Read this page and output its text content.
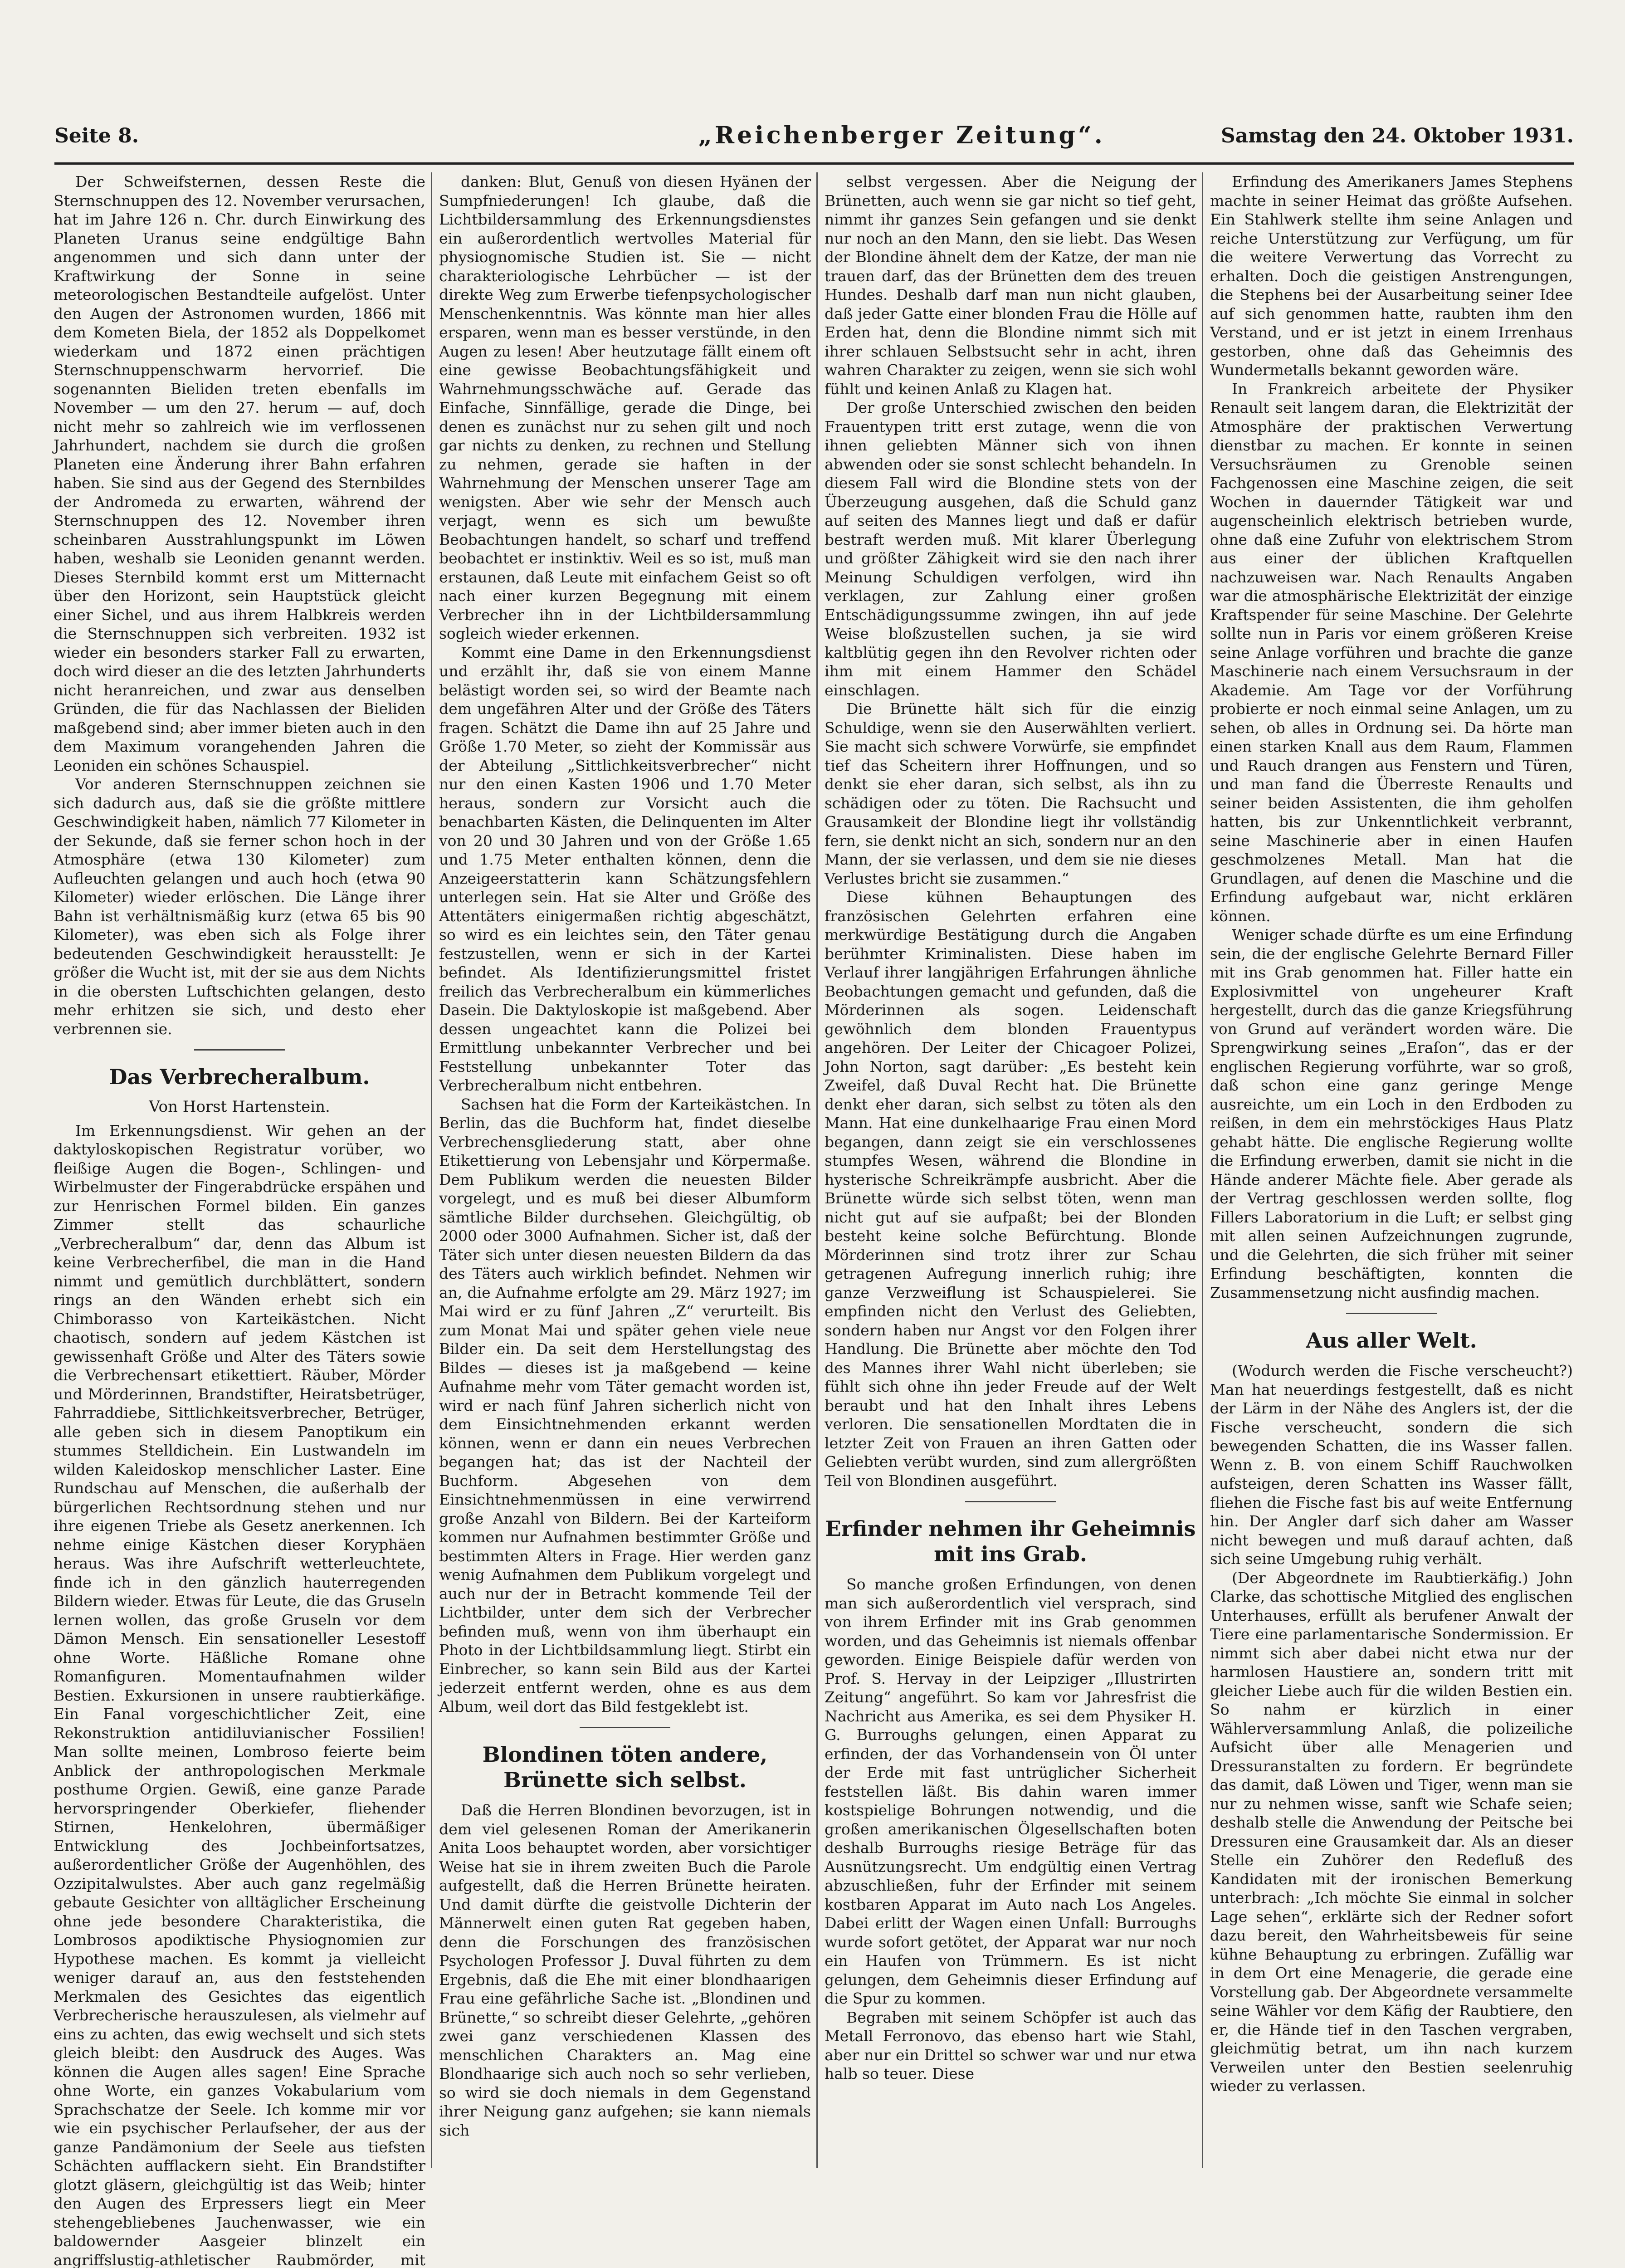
Seite 8.	„Reichenberger Zeitung“.	Samstag den 24. Oktober 1931.

Der Schweifsternen, dessen Reste die Sternschnuppen des 12. November verursachen, hat im Jahre 126 n. Chr. durch Einwirkung des Planeten Uranus seine endgültige Bahn angenommen und sich dann unter der Kraftwirkung der Sonne in seine meteorologischen Bestandteile aufgelöst. Unter den Augen der Astronomen wurden, 1866 mit dem Kometen Biela, der 1852 als Doppelkomet wiederkam und 1872 einen prächtigen Sternschnuppenschwarm hervorrief. Die sogenannten Bieliden treten ebenfalls im November — um den 27. herum — auf, doch nicht mehr so zahlreich wie im verflossenen Jahrhundert, nachdem sie durch die großen Planeten eine Änderung ihrer Bahn erfahren haben. Sie sind aus der Gegend des Sternbildes der Andromeda zu erwarten, während der Sternschnuppen des 12. November ihren scheinbaren Ausstrahlungspunkt im Löwen haben, weshalb sie Leoniden genannt werden. Dieses Sternbild kommt erst um Mitternacht über den Horizont, sein Hauptstück gleicht einer Sichel, und aus ihrem Halbkreis werden die Sternschnuppen sich verbreiten. 1932 ist wieder ein besonders starker Fall zu erwarten, doch wird dieser an die des letzten Jahrhunderts nicht heranreichen, und zwar aus denselben Gründen, die für das Nachlassen der Bieliden maßgebend sind; aber immer bieten auch in den dem Maximum vorangehenden Jahren die Leoniden ein schönes Schauspiel.

Vor anderen Sternschnuppen zeichnen sie sich dadurch aus, daß sie die größte mittlere Geschwindigkeit haben, nämlich 77 Kilometer in der Sekunde, daß sie ferner schon hoch in der Atmosphäre (etwa 130 Kilometer) zum Aufleuchten gelangen und auch hoch (etwa 90 Kilometer) wieder erlöschen. Die Länge ihrer Bahn ist verhältnismäßig kurz (etwa 65 bis 90 Kilometer), was eben sich als Folge ihrer bedeutenden Geschwindigkeit herausstellt: Je größer die Wucht ist, mit der sie aus dem Nichts in die obersten Luftschichten gelangen, desto mehr erhitzen sie sich, und desto eher verbrennen sie.

Das Verbrecheralbum.
Von Horst Hartenstein.

Im Erkennungsdienst. Wir gehen an der daktyloskopischen Registratur vorüber, wo fleißige Augen die Bogen-, Schlingen- und Wirbelmuster der Fingerabdrücke erspähen und zur Henrischen Formel bilden. Ein ganzes Zimmer stellt das schaurliche „Verbrecheralbum“ dar, denn das Album ist keine Verbrecherfibel, die man in die Hand nimmt und gemütlich durchblättert, sondern rings an den Wänden erhebt sich ein Chimborasso von Karteikästchen. Nicht chaotisch, sondern auf jedem Kästchen ist gewissenhaft Größe und Alter des Täters sowie die Verbrechensart etikettiert. Räuber, Mörder und Mörderinnen, Brandstifter, Heiratsbetrüger, Fahrraddiebe, Sittlichkeitsverbrecher, Betrüger, alle geben sich in diesem Panoptikum ein stummes Stelldichein. Ein Lustwandeln im wilden Kaleidoskop menschlicher Laster. Eine Rundschau auf Menschen, die außerhalb der bürgerlichen Rechtsordnung stehen und nur ihre eigenen Triebe als Gesetz anerkennen. Ich nehme einige Kästchen dieser Koryphäen heraus. Was ihre Aufschrift wetterleuchtete, finde ich in den gänzlich hauterregenden Bildern wieder. Etwas für Leute, die das Gruseln lernen wollen, das große Gruseln vor dem Dämon Mensch. Ein sensationeller Lesestoff ohne Worte. Häßliche Romane ohne Romanfiguren. Momentaufnahmen wilder Bestien. Exkursionen in unsere raubtierkäfige. Ein Fanal vorgeschichtlicher Zeit, eine Rekonstruktion antidiluvianischer Fossilien! Man sollte meinen, Lombroso feierte beim Anblick der anthropologischen Merkmale posthume Orgien. Gewiß, eine ganze Parade hervorspringender Oberkiefer, fliehender Stirnen, Henkelohren, übermäßiger Entwicklung des Jochbeinfortsatzes, außerordentlicher Größe der Augenhöhlen, des Ozzipitalwulstes. Aber auch ganz regelmäßig gebaute Gesichter von alltäglicher Erscheinung ohne jede besondere Charakteristika, die Lombrosos apodiktische Physiognomien zur Hypothese machen. Es kommt ja vielleicht weniger darauf an, aus den feststehenden Merkmalen des Gesichtes das eigentlich Verbrecherische herauszulesen, als vielmehr auf eins zu achten, das ewig wechselt und sich stets gleich bleibt: den Ausdruck des Auges. Was können die Augen alles sagen! Eine Sprache ohne Worte, ein ganzes Vokabularium vom Sprachschatze der Seele. Ich komme mir vor wie ein psychischer Perlaufseher, der aus der ganze Pandämonium der Seele aus tiefsten Schächten aufflackern sieht. Ein Brandstifter glotzt gläsern, gleichgültig ist das Weib; hinter den Augen des Erpressers liegt ein Meer stehengebliebenes Jauchenwasser, wie ein baldowernder Aasgeier blinzelt ein angriffslustig-athletischer Raubmörder, mit

danken: Blut, Genuß von diesen Hyänen der Sumpfniederungen! Ich glaube, daß die Lichtbildersammlung des Erkennungsdienstes ein außerordentlich wertvolles Material für physiognomische Studien ist. Sie — nicht charakteriologische Lehrbücher — ist der direkte Weg zum Erwerbe tiefenpsychologischer Menschenkenntnis. Was könnte man hier alles ersparen, wenn man es besser verstünde, in den Augen zu lesen! Aber heutzutage fällt einem oft eine gewisse Beobachtungsfähigkeit und Wahrnehmungsschwäche auf. Gerade das Einfache, Sinnfällige, gerade die Dinge, bei denen es zunächst nur zu sehen gilt und noch gar nichts zu denken, zu rechnen und Stellung zu nehmen, gerade sie haften in der Wahrnehmung der Menschen unserer Tage am wenigsten. Aber wie sehr der Mensch auch verjagt, wenn es sich um bewußte Beobachtungen handelt, so scharf und treffend beobachtet er instinktiv. Weil es so ist, muß man erstaunen, daß Leute mit einfachem Geist so oft nach einer kurzen Begegnung mit einem Verbrecher ihn in der Lichtbildersammlung sogleich wieder erkennen.

Kommt eine Dame in den Erkennungsdienst und erzählt ihr, daß sie von einem Manne belästigt worden sei, so wird der Beamte nach dem ungefähren Alter und der Größe des Täters fragen. Schätzt die Dame ihn auf 25 Jahre und Größe 1.70 Meter, so zieht der Kommissär aus der Abteilung „Sittlichkeitsverbrecher“ nicht nur den einen Kasten 1906 und 1.70 Meter heraus, sondern zur Vorsicht auch die benachbarten Kästen, die Delinquenten im Alter von 20 und 30 Jahren und von der Größe 1.65 und 1.75 Meter enthalten können, denn die Anzeigeerstatterin kann Schätzungsfehlern unterlegen sein. Hat sie Alter und Größe des Attentäters einigermaßen richtig abgeschätzt, so wird es ein leichtes sein, den Täter genau festzustellen, wenn er sich in der Kartei befindet. Als Identifizierungsmittel fristet freilich das Verbrecheralbum ein kümmerliches Dasein. Die Daktyloskopie ist maßgebend. Aber dessen ungeachtet kann die Polizei bei Ermittlung unbekannter Verbrecher und bei Feststellung unbekannter Toter das Verbrecheralbum nicht entbehren.

Sachsen hat die Form der Karteikästchen. In Berlin, das die Buchform hat, findet dieselbe Verbrechensgliederung statt, aber ohne Etikettierung von Lebensjahr und Körpermaße. Dem Publikum werden die neuesten Bilder vorgelegt, und es muß bei dieser Albumform sämtliche Bilder durchsehen. Gleichgültig, ob 2000 oder 3000 Aufnahmen. Sicher ist, daß der Täter sich unter diesen neuesten Bildern da das des Täters auch wirklich befindet. Nehmen wir an, die Aufnahme erfolgte am 29. März 1927; im Mai wird er zu fünf Jahren „Z“ verurteilt. Bis zum Monat Mai und später gehen viele neue Bilder ein. Da seit dem Herstellungstag des Bildes — dieses ist ja maßgebend — keine Aufnahme mehr vom Täter gemacht worden ist, wird er nach fünf Jahren sicherlich nicht von dem Einsichtnehmenden erkannt werden können, wenn er dann ein neues Verbrechen begangen hat; das ist der Nachteil der Buchform. Abgesehen von dem Einsichtnehmenmüssen in eine verwirrend große Anzahl von Bildern. Bei der Karteiform kommen nur Aufnahmen bestimmter Größe und bestimmten Alters in Frage. Hier werden ganz wenig Aufnahmen dem Publikum vorgelegt und auch nur der in Betracht kommende Teil der Lichtbilder, unter dem sich der Verbrecher befinden muß, wenn von ihm überhaupt ein Photo in der Lichtbildsammlung liegt. Stirbt ein Einbrecher, so kann sein Bild aus der Kartei jederzeit entfernt werden, ohne es aus dem Album, weil dort das Bild festgeklebt ist.

Blondinen töten andere, Brünette sich selbst.

Daß die Herren Blondinen bevorzugen, ist in dem viel gelesenen Roman der Amerikanerin Anita Loos behauptet worden, aber vorsichtiger Weise hat sie in ihrem zweiten Buch die Parole aufgestellt, daß die Herren Brünette heiraten. Und damit dürfte die geistvolle Dichterin der Männerwelt einen guten Rat gegeben haben, denn die Forschungen des französischen Psychologen Professor J. Duval führten zu dem Ergebnis, daß die Ehe mit einer blondhaarigen Frau eine gefährliche Sache ist. „Blondinen und Brünette,“ so schreibt dieser Gelehrte, „gehören zwei ganz verschiedenen Klassen des menschlichen Charakters an. Mag eine Blondhaarige sich auch noch so sehr verlieben, so wird sie doch niemals in dem Gegenstand ihrer Neigung ganz aufgehen; sie kann niemals sich

selbst vergessen. Aber die Neigung der Brünetten, auch wenn sie gar nicht so tief geht, nimmt ihr ganzes Sein gefangen und sie denkt nur noch an den Mann, den sie liebt. Das Wesen der Blondine ähnelt dem der Katze, der man nie trauen darf, das der Brünetten dem des treuen Hundes. Deshalb darf man nun nicht glauben, daß jeder Gatte einer blonden Frau die Hölle auf Erden hat, denn die Blondine nimmt sich mit ihrer schlauen Selbstsucht sehr in acht, ihren wahren Charakter zu zeigen, wenn sie sich wohl fühlt und keinen Anlaß zu Klagen hat.

Der große Unterschied zwischen den beiden Frauentypen tritt erst zutage, wenn die von ihnen geliebten Männer sich von ihnen abwenden oder sie sonst schlecht behandeln. In diesem Fall wird die Blondine stets von der Überzeugung ausgehen, daß die Schuld ganz auf seiten des Mannes liegt und daß er dafür bestraft werden muß. Mit klarer Überlegung und größter Zähigkeit wird sie den nach ihrer Meinung Schuldigen verfolgen, wird ihn verklagen, zur Zahlung einer großen Entschädigungssumme zwingen, ihn auf jede Weise bloßzustellen suchen, ja sie wird kaltblütig gegen ihn den Revolver richten oder ihm mit einem Hammer den Schädel einschlagen.

Die Brünette hält sich für die einzig Schuldige, wenn sie den Auserwählten verliert. Sie macht sich schwere Vorwürfe, sie empfindet tief das Scheitern ihrer Hoffnungen, und so denkt sie eher daran, sich selbst, als ihn zu schädigen oder zu töten. Die Rachsucht und Grausamkeit der Blondine liegt ihr vollständig fern, sie denkt nicht an sich, sondern nur an den Mann, der sie verlassen, und dem sie nie dieses Verlustes bricht sie zusammen.“

Diese kühnen Behauptungen des französischen Gelehrten erfahren eine merkwürdige Bestätigung durch die Angaben berühmter Kriminalisten. Diese haben im Verlauf ihrer langjährigen Erfahrungen ähnliche Beobachtungen gemacht und gefunden, daß die Mörderinnen als sogen. Leidenschaft gewöhnlich dem blonden Frauentypus angehören. Der Leiter der Chicagoer Polizei, John Norton, sagt darüber: „Es besteht kein Zweifel, daß Duval Recht hat. Die Brünette denkt eher daran, sich selbst zu töten als den Mann. Hat eine dunkelhaarige Frau einen Mord begangen, dann zeigt sie ein verschlossenes stumpfes Wesen, während die Blondine in hysterische Schreikrämpfe ausbricht. Aber die Brünette würde sich selbst töten, wenn man nicht gut auf sie aufpaßt; bei der Blonden besteht keine solche Befürchtung. Blonde Mörderinnen sind trotz ihrer zur Schau getragenen Aufregung innerlich ruhig; ihre ganze Verzweiflung ist Schauspielerei. Sie empfinden nicht den Verlust des Geliebten, sondern haben nur Angst vor den Folgen ihrer Handlung. Die Brünette aber möchte den Tod des Mannes ihrer Wahl nicht überleben; sie fühlt sich ohne ihn jeder Freude auf der Welt beraubt und hat den Inhalt ihres Lebens verloren. Die sensationellen Mordtaten die in letzter Zeit von Frauen an ihren Gatten oder Geliebten verübt wurden, sind zum allergrößten Teil von Blondinen ausgeführt.

Erfinder nehmen ihr Geheimnis mit ins Grab.

So manche großen Erfindungen, von denen man sich außerordentlich viel versprach, sind von ihrem Erfinder mit ins Grab genommen worden, und das Geheimnis ist niemals offenbar geworden. Einige Beispiele dafür werden von Prof. S. Hervay in der Leipziger „Illustrirten Zeitung“ angeführt. So kam vor Jahresfrist die Nachricht aus Amerika, es sei dem Physiker H. G. Burroughs gelungen, einen Apparat zu erfinden, der das Vorhandensein von Öl unter der Erde mit fast untrüglicher Sicherheit feststellen läßt. Bis dahin waren immer kostspielige Bohrungen notwendig, und die großen amerikanischen Ölgesellschaften boten deshalb Burroughs riesige Beträge für das Ausnützungsrecht. Um endgültig einen Vertrag abzuschließen, fuhr der Erfinder mit seinem kostbaren Apparat im Auto nach Los Angeles. Dabei erlitt der Wagen einen Unfall: Burroughs wurde sofort getötet, der Apparat war nur noch ein Haufen von Trümmern. Es ist nicht gelungen, dem Geheimnis dieser Erfindung auf die Spur zu kommen.

Begraben mit seinem Schöpfer ist auch das Metall Ferronovo, das ebenso hart wie Stahl, aber nur ein Drittel so schwer war und nur etwa halb so teuer. Diese

Erfindung des Amerikaners James Stephens machte in seiner Heimat das größte Aufsehen. Ein Stahlwerk stellte ihm seine Anlagen und reiche Unterstützung zur Verfügung, um für die weitere Verwertung das Vorrecht zu erhalten. Doch die geistigen Anstrengungen, die Stephens bei der Ausarbeitung seiner Idee auf sich genommen hatte, raubten ihm den Verstand, und er ist jetzt in einem Irrenhaus gestorben, ohne daß das Geheimnis des Wundermetalls bekannt geworden wäre.

In Frankreich arbeitete der Physiker Renault seit langem daran, die Elektrizität der Atmosphäre der praktischen Verwertung dienstbar zu machen. Er konnte in seinen Versuchsräumen zu Grenoble seinen Fachgenossen eine Maschine zeigen, die seit Wochen in dauernder Tätigkeit war und augenscheinlich elektrisch betrieben wurde, ohne daß eine Zufuhr von elektrischem Strom aus einer der üblichen Kraftquellen nachzuweisen war. Nach Renaults Angaben war die atmosphärische Elektrizität der einzige Kraftspender für seine Maschine. Der Gelehrte sollte nun in Paris vor einem größeren Kreise seine Anlage vorführen und brachte die ganze Maschinerie nach einem Versuchsraum in der Akademie. Am Tage vor der Vorführung probierte er noch einmal seine Anlagen, um zu sehen, ob alles in Ordnung sei. Da hörte man einen starken Knall aus dem Raum, Flammen und Rauch drangen aus Fenstern und Türen, und man fand die Überreste Renaults und seiner beiden Assistenten, die ihm geholfen hatten, bis zur Unkenntlichkeit verbrannt, seine Maschinerie aber in einen Haufen geschmolzenes Metall. Man hat die Grundlagen, auf denen die Maschine und die Erfindung aufgebaut war, nicht erklären können.

Weniger schade dürfte es um eine Erfindung sein, die der englische Gelehrte Bernard Filler mit ins Grab genommen hat. Filler hatte ein Explosivmittel von ungeheurer Kraft hergestellt, durch das die ganze Kriegsführung von Grund auf verändert worden wäre. Die Sprengwirkung seines „Eraſon“, das er der englischen Regierung vorführte, war so groß, daß schon eine ganz geringe Menge ausreichte, um ein Loch in den Erdboden zu reißen, in dem ein mehrstöckiges Haus Platz gehabt hätte. Die englische Regierung wollte die Erfindung erwerben, damit sie nicht in die Hände anderer Mächte fiele. Aber gerade als der Vertrag geschlossen werden sollte, flog Fillers Laboratorium in die Luft; er selbst ging mit allen seinen Aufzeichnungen zugrunde, und die Gelehrten, die sich früher mit seiner Erfindung beschäftigten, konnten die Zusammensetzung nicht ausfindig machen.

Aus aller Welt.

(Wodurch werden die Fische verscheucht?) Man hat neuerdings festgestellt, daß es nicht der Lärm in der Nähe des Anglers ist, der die Fische verscheucht, sondern die sich bewegenden Schatten, die ins Wasser fallen. Wenn z. B. von einem Schiff Rauchwolken aufsteigen, deren Schatten ins Wasser fällt, fliehen die Fische fast bis auf weite Entfernung hin. Der Angler darf sich daher am Wasser nicht bewegen und muß darauf achten, daß sich seine Umgebung ruhig verhält.

(Der Abgeordnete im Raubtierkäfig.) John Clarke, das schottische Mitglied des englischen Unterhauses, erfüllt als berufener Anwalt der Tiere eine parlamentarische Sondermission. Er nimmt sich aber dabei nicht etwa nur der harmlosen Haustiere an, sondern tritt mit gleicher Liebe auch für die wilden Bestien ein. So nahm er kürzlich in einer Wählerversammlung Anlaß, die polizeiliche Aufsicht über alle Menagerien und Dressuranstalten zu fordern. Er begründete das damit, daß Löwen und Tiger, wenn man sie nur zu nehmen wisse, sanft wie Schafe seien; deshalb stelle die Anwendung der Peitsche bei Dressuren eine Grausamkeit dar. Als an dieser Stelle ein Zuhörer den Redefluß des Kandidaten mit der ironischen Bemerkung unterbrach: „Ich möchte Sie einmal in solcher Lage sehen“, erklärte sich der Redner sofort dazu bereit, den Wahrheitsbeweis für seine kühne Behauptung zu erbringen. Zufällig war in dem Ort eine Menagerie, die gerade eine Vorstellung gab. Der Abgeordnete versammelte seine Wähler vor dem Käfig der Raubtiere, den er, die Hände tief in den Taschen vergraben, gleichmütig betrat, um ihn nach kurzem Verweilen unter den Bestien seelenruhig wieder zu verlassen.
